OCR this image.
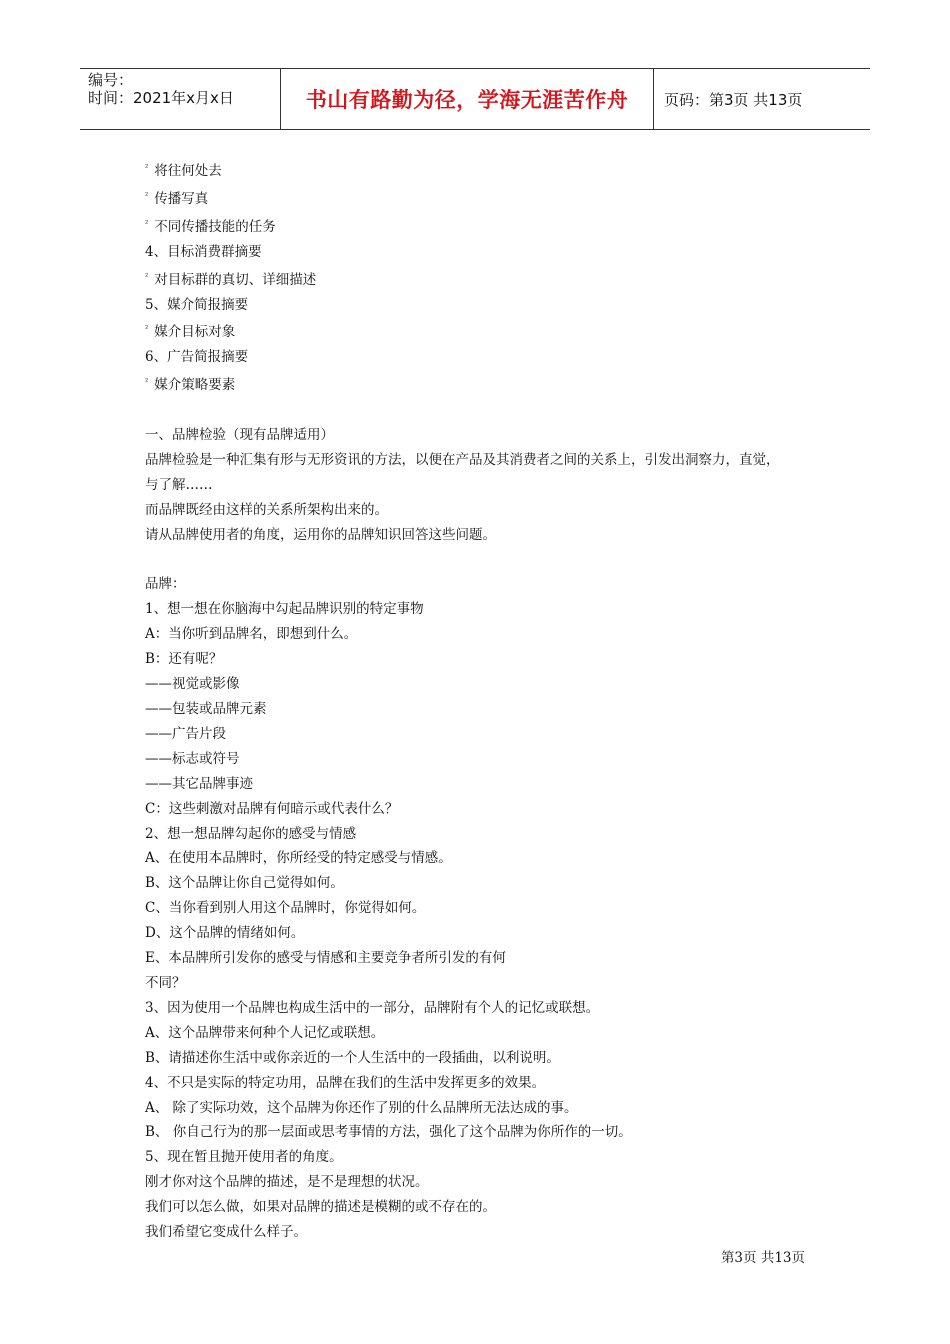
编号：
时间：2021年x月x日	书山有路勤为径，学海无涯苦作舟	页码：第3页 共13页
$^{^2}$ 将往何处去
$^{^2}$ 传播写真
$^{^2}$ 不同传播技能的任务
4、目标消费群摘要
$^{^2}$ 对目标群的真切、详细描述
5、媒介简报摘要
$^{^2}$ 媒介目标对象
6、广告简报摘要
$^{^2}$ 媒介策略要素
一、品牌检验（现有品牌适用）
品牌检验是一种汇集有形与无形资讯的方法，以便在产品及其消费者之间的关系上，引发出洞察力，直觉，
与了解……
而品牌既经由这样的关系所架构出来的。
请从品牌使用者的角度，运用你的品牌知识回答这些问题。
品牌：
1、想一想在你脑海中勾起品牌识别的特定事物
A：当你听到品牌名，即想到什么。
B：还有呢？
——视觉或影像
——包装或品牌元素
——广告片段
——标志或符号
——其它品牌事迹
C：这些刺激对品牌有何暗示或代表什么？
2、想一想品牌勾起你的感受与情感
A、在使用本品牌时，你所经受的特定感受与情感。
B、这个品牌让你自己觉得如何。
C、当你看到别人用这个品牌时，你觉得如何。
D、这个品牌的情绪如何。
E、本品牌所引发你的感受与情感和主要竞争者所引发的有何
不同？
3、因为使用一个品牌也构成生活中的一部分，品牌附有个人的记忆或联想。
A、这个品牌带来何种个人记忆或联想。
B、请描述你生活中或你亲近的一个人生活中的一段插曲，以利说明。
4、不只是实际的特定功用，品牌在我们的生活中发挥更多的效果。
A、 除了实际功效，这个品牌为你还作了别的什么品牌所无法达成的事。
B、 你自己行为的那一层面或思考事情的方法，强化了这个品牌为你所作的一切。
5、现在暂且抛开使用者的角度。
刚才你对这个品牌的描述，是不是理想的状况。
我们可以怎么做，如果对品牌的描述是模糊的或不存在的。
我们希望它变成什么样子。
第3页 共13页
